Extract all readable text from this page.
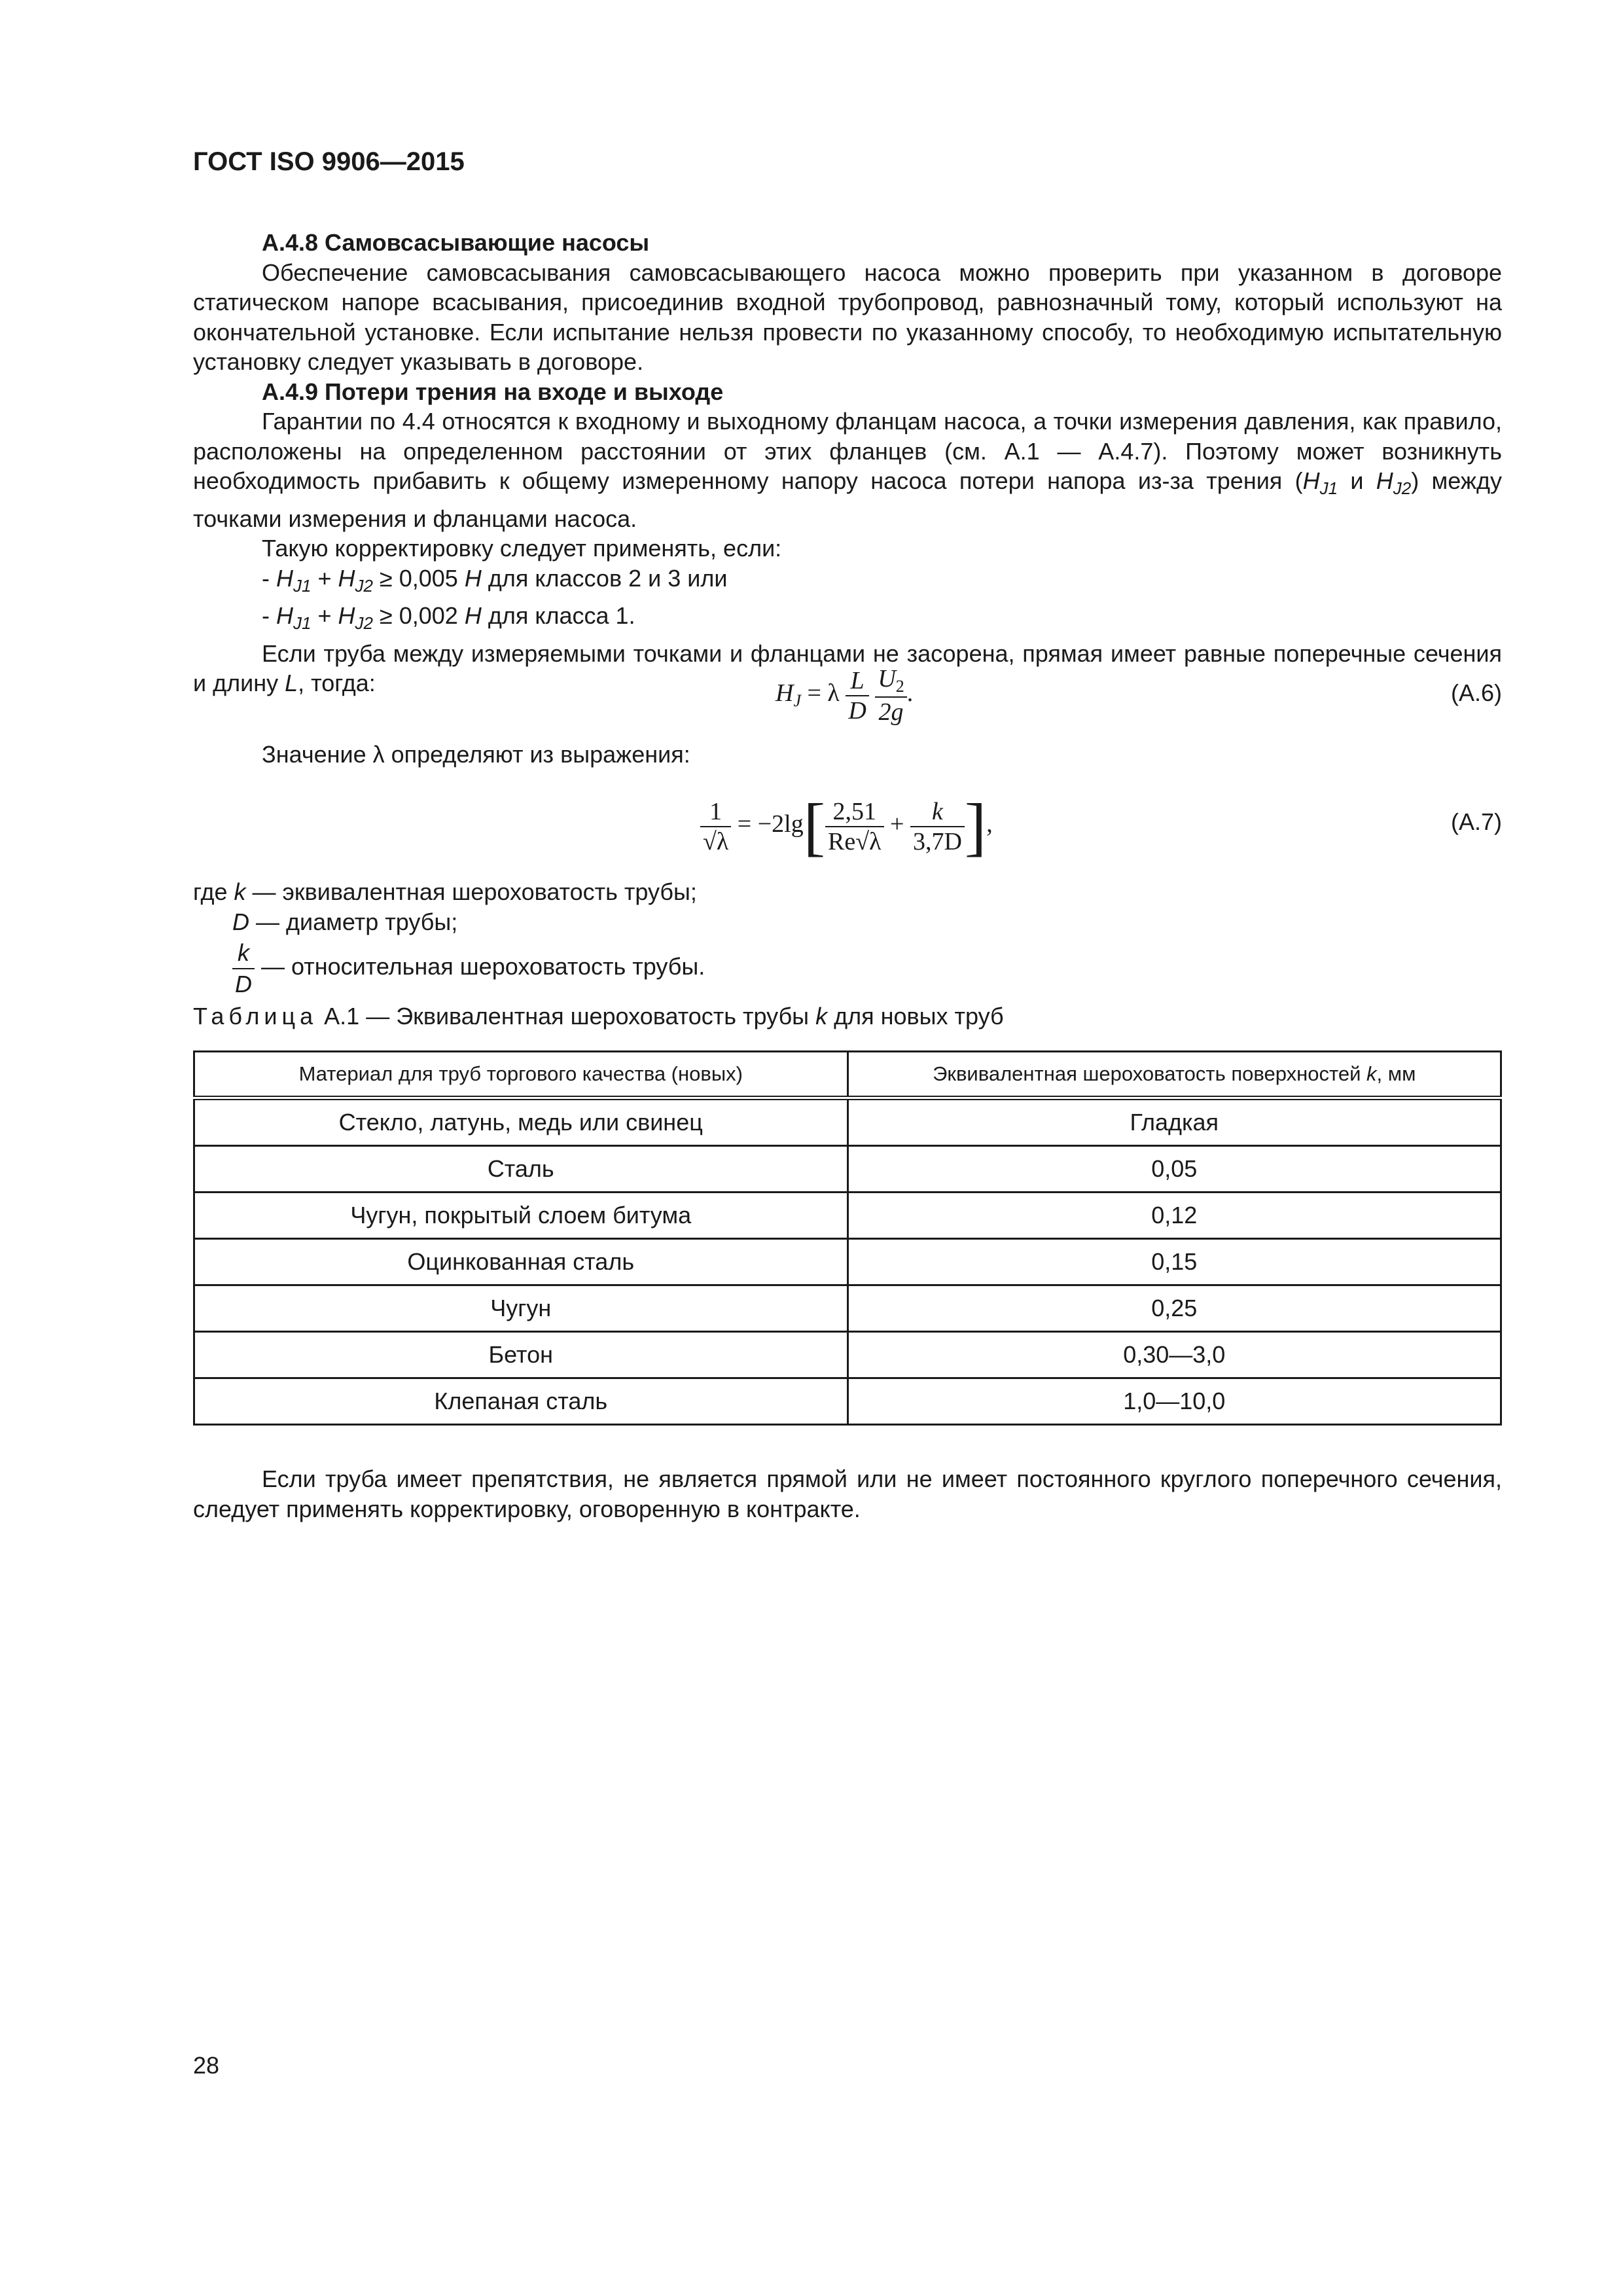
ГОСТ ISO 9906—2015

А.4.8 Самовсасывающие насосы

Обеспечение самовсасывания самовсасывающего насоса можно проверить при указанном в договоре статическом напоре всасывания, присоединив входной трубопровод, равнозначный тому, который используют на окончательной установке. Если испытание нельзя провести по указанному способу, то необходимую испытательную установку следует указывать в договоре.

А.4.9 Потери трения на входе и выходе

Гарантии по 4.4 относятся к входному и выходному фланцам насоса, а точки измерения давления, как правило, расположены на определенном расстоянии от этих фланцев (см. А.1 — А.4.7). Поэтому может возникнуть необходимость прибавить к общему измеренному напору насоса потери напора из-за трения ($H_{J1}$ и $H_{J2}$) между точками измерения и фланцами насоса.

Такую корректировку следует применять, если:

- $H_{J1} + H_{J2} \ge 0,005$ H для классов 2 и 3 или

- $H_{J1} + H_{J2} \ge 0,002$ H для класса 1.

Если труба между измеряемыми точками и фланцами не засорена, прямая имеет равные поперечные сечения и длину L, тогда:	$H_J = \lambda \frac{L}{D}$
$\frac{U_2}{2g}$ .	(А.6)

Значение λ определяют из выражения:

$\frac{1}{√\lambda} = -2\lg[ \frac{2,51}{Re√\lambda} + \frac{k}{3,7D}$ ],	(А.7)

где k — эквивалентная шероховатость трубы;

D — диаметр трубы;

$\frac{k}{D}$ — относительная шероховатость трубы.

Таблица А.1 — Эквивалентная шероховатость трубы k для новых труб

Материал для труб торгового качества (новых)	Эквивалентная шероховатость поверхностей k, мм
Стекло, латунь, медь или свинец	Гладкая
Сталь	0,05
Чугун, покрытый слоем битума	0,12
Оцинкованная сталь	0,15
Чугун	0,25
Бетон	0,30—3,0
Клепаная сталь	1,0—10,0

Если труба имеет препятствия, не является прямой или не имеет постоянного круглого поперечного сечения, следует применять корректировку, оговоренную в контракте.

28
